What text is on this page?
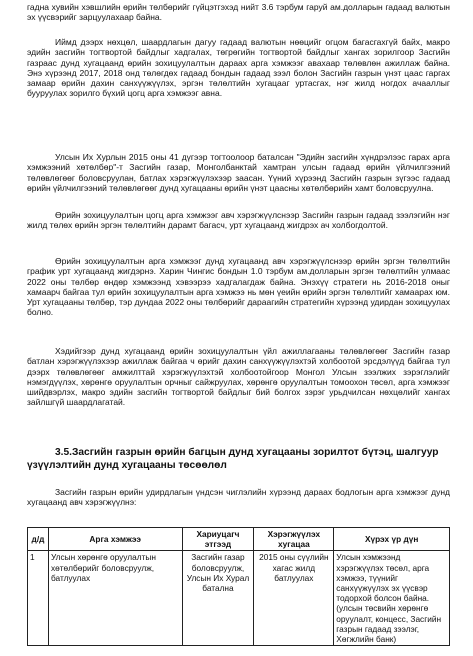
гадна хувийн хэвшлийн өрийн төлбөрийг гүйцэтгэхэд нийт 3.6 тэрбум гаруй ам.долларын гадаад валютын эх үүсвэрийг зарцуулахаар байна.

Иймд дээрх нөхцөл, шаардлагын дагуу гадаад валютын нөөцийг огцом багасгахгүй байх, макро эдийн засгийн тогтвортой байдлыг хадгалах, төгрөгийн тогтвортой байдлыг хангах зорилгоор Засгийн газраас дунд хугацаанд өрийн зохицуулалтын дараах арга хэмжээг авахаар төлөвлөн ажиллаж байна. Энэ хүрээнд 2017, 2018 онд төлөгдөх гадаад бондын гадаад зээл болон Засгийн газрын үнэт цаас гаргах замаар өрийн дахин санхүүжүүлэх, эргэн төлөлтийн хугацааг уртасгах, нэг жилд ногдох ачааллыг бууруулах зорилго бүхий цогц арга хэмжээг авна.

Улсын Их Хурлын 2015 оны 41 дүгээр тогтоолоор баталсан "Эдийн засгийн хүндрэлээс гарах арга хэмжээний хөтөлбөр"-т Засгийн газар, Монголбанктай хамтран улсын гадаад өрийн үйлчилгээний төлөвлөгөөг боловсруулан, батлах хэрэгжүүлэхээр заасан. Үүний хүрээнд Засгийн газрын зүгээс гадаад өрийн үйлчилгээний төлөвлөгөөг дунд хугацааны өрийн үнэт цаасны хөтөлбөрийн хамт боловсруулна.

Өрийн зохицуулалтын цогц арга хэмжээг авч хэрэгжүүлснээр Засгийн газрын гадаад зээлэгийн нэг жилд төлөх өрийн эргэн төлөлтийн дарамт багасч, урт хугацаанд жигдрэх ач холбогдолтой.

Өрийн зохицуулалтын арга хэмжээг дунд хугацаанд авч хэрэгжүүлснээр өрийн эргэн төлөлтийн график урт хугацаанд жигдэрнэ. Харин Чингис бондын 1.0 тэрбум ам.долларын эргэн төлөлтийн улмаас 2022 оны төлбөр өндөр хэмжээнд хэвээрээ хадгалагдаж байна. Энэхүү стратеги нь 2016-2018 оныг хамаарч байгаа тул өрийн зохицуулалтын арга хэмжээ нь мөн үеийн өрийн эргэн төлөлтийг хамаарах юм. Урт хугацааны төлбөр, тэр дундаа 2022 оны төлбөрийг дараагийн стратегийн хүрээнд удирдан зохицуулах болно.

Хэдийгээр дунд хугацаанд өрийн зохицуулалтын үйл ажиллагааны төлөвлөгөөг Засгийн газар батлан хэрэгжүүлэхээр ажиллаж байгаа ч өрийг дахин санхүүжүүлэхтэй холбоотой эрсдэлүүд байгаа тул дээрх төлөвлөгөөг амжилттай хэрэгжүүлэхтэй холбоотойгоор Монгол Улсын зээлжих зэрэглэлийг нэмэгдүүлэх, хөрөнгө оруулалтын орчныг сайжруулах, хөрөнгө оруулалтын томоохон төсөл, арга хэмжээг шийдвэрлэх, макро эдийн засгийн тогтвортой байдлыг бий болгох зэрэг урьдчилсан нөхцөлийг хангах зайлшгүй шаардлагатай.

3.5.Засгийн газрын өрийн багцын дунд хугацааны зорилтот бүтэц, шалгуур үзүүлэлтийн дунд хугацааны төсөөлөл

Засгийн газрын өрийн удирдлагын үндсэн чиглэлийн хүрээнд дараах бодлогын арга хэмжээг дунд хугацаанд авч хэрэгжүүлнэ:

д/д	Арга хэмжээ	Хариуцагч этгээд	Хэрэгжүүлэх хугацаа	Хүрэх үр дүн
1	Улсын хөрөнгө оруулалтын хөтөлбөрийг боловсруулж, батлуулах	Засгийн газар боловсруулж, Улсын Их Хурал батална	2015 оны сүүлийн хагас жилд батлуулах	Улсын хэмжээнд хэрэгжүүлэх төсөл, арга хэмжээ, түүнийг санхүүжүүлэх эх үүсвэр тодорхой болсон байна. (улсын төсвийн хөрөнгө оруулалт, концесс, Засгийн газрын гадаад зээлэг, Хөгжлийн банк)
